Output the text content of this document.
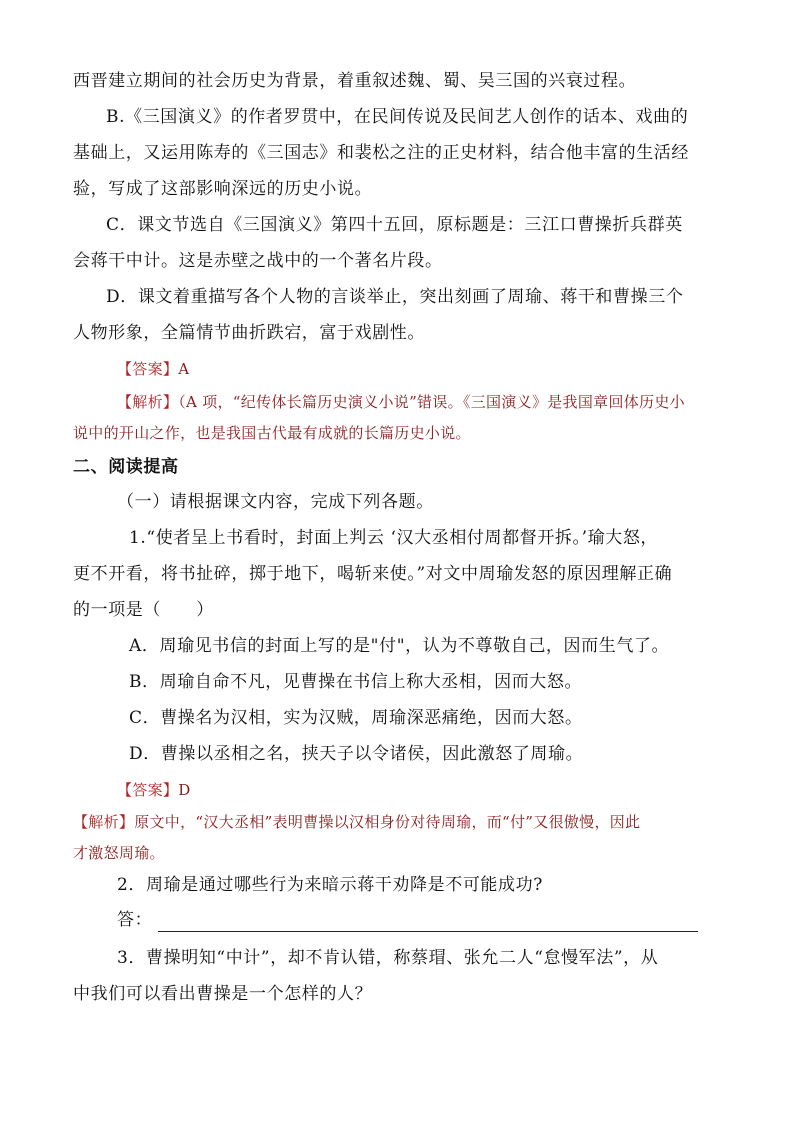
西晋建立期间的社会历史为背景，着重叙述魏、蜀、吴三国的兴衰过程。
B.《三国演义》的作者罗贯中，在民间传说及民间艺人创作的话本、戏曲的
基础上，又运用陈寿的《三国志》和裴松之注的正史材料，结合他丰富的生活经
验，写成了这部影响深远的历史小说。
C．课文节选自《三国演义》第四十五回，原标题是：三江口曹操折兵群英
会蒋干中计。这是赤壁之战中的一个著名片段。
D．课文着重描写各个人物的言谈举止，突出刻画了周瑜、蒋干和曹操三个
人物形象，全篇情节曲折跌宕，富于戏剧性。
【答案】A
【解析】（A 项，“纪传体长篇历史演义小说”错误。《三国演义》是我国章回体历史小
说中的开山之作，也是我国古代最有成就的长篇历史小说。
二、阅读提高
（一）请根据课文内容，完成下列各题。
1.“使者呈上书看时，封面上判云 ‘汉大丞相付周都督开拆。’瑜大怒，
更不开看，将书扯碎，掷于地下，喝斩来使。”对文中周瑜发怒的原因理解正确
的一项是（　　）
A．周瑜见书信的封面上写的是"付"，认为不尊敬自己，因而生气了。
B．周瑜自命不凡，见曹操在书信上称大丞相，因而大怒。
C．曹操名为汉相，实为汉贼，周瑜深恶痛绝，因而大怒。
D．曹操以丞相之名，挟天子以令诸侯，因此激怒了周瑜。
【答案】D
【解析】原文中，“汉大丞相”表明曹操以汉相身份对待周瑜，而“付”又很傲慢，因此
才激怒周瑜。
2．周瑜是通过哪些行为来暗示蒋干劝降是不可能成功?
答：
3．曹操明知“中计”，却不肯认错，称蔡瑁、张允二人“怠慢军法”，从
中我们可以看出曹操是一个怎样的人？
